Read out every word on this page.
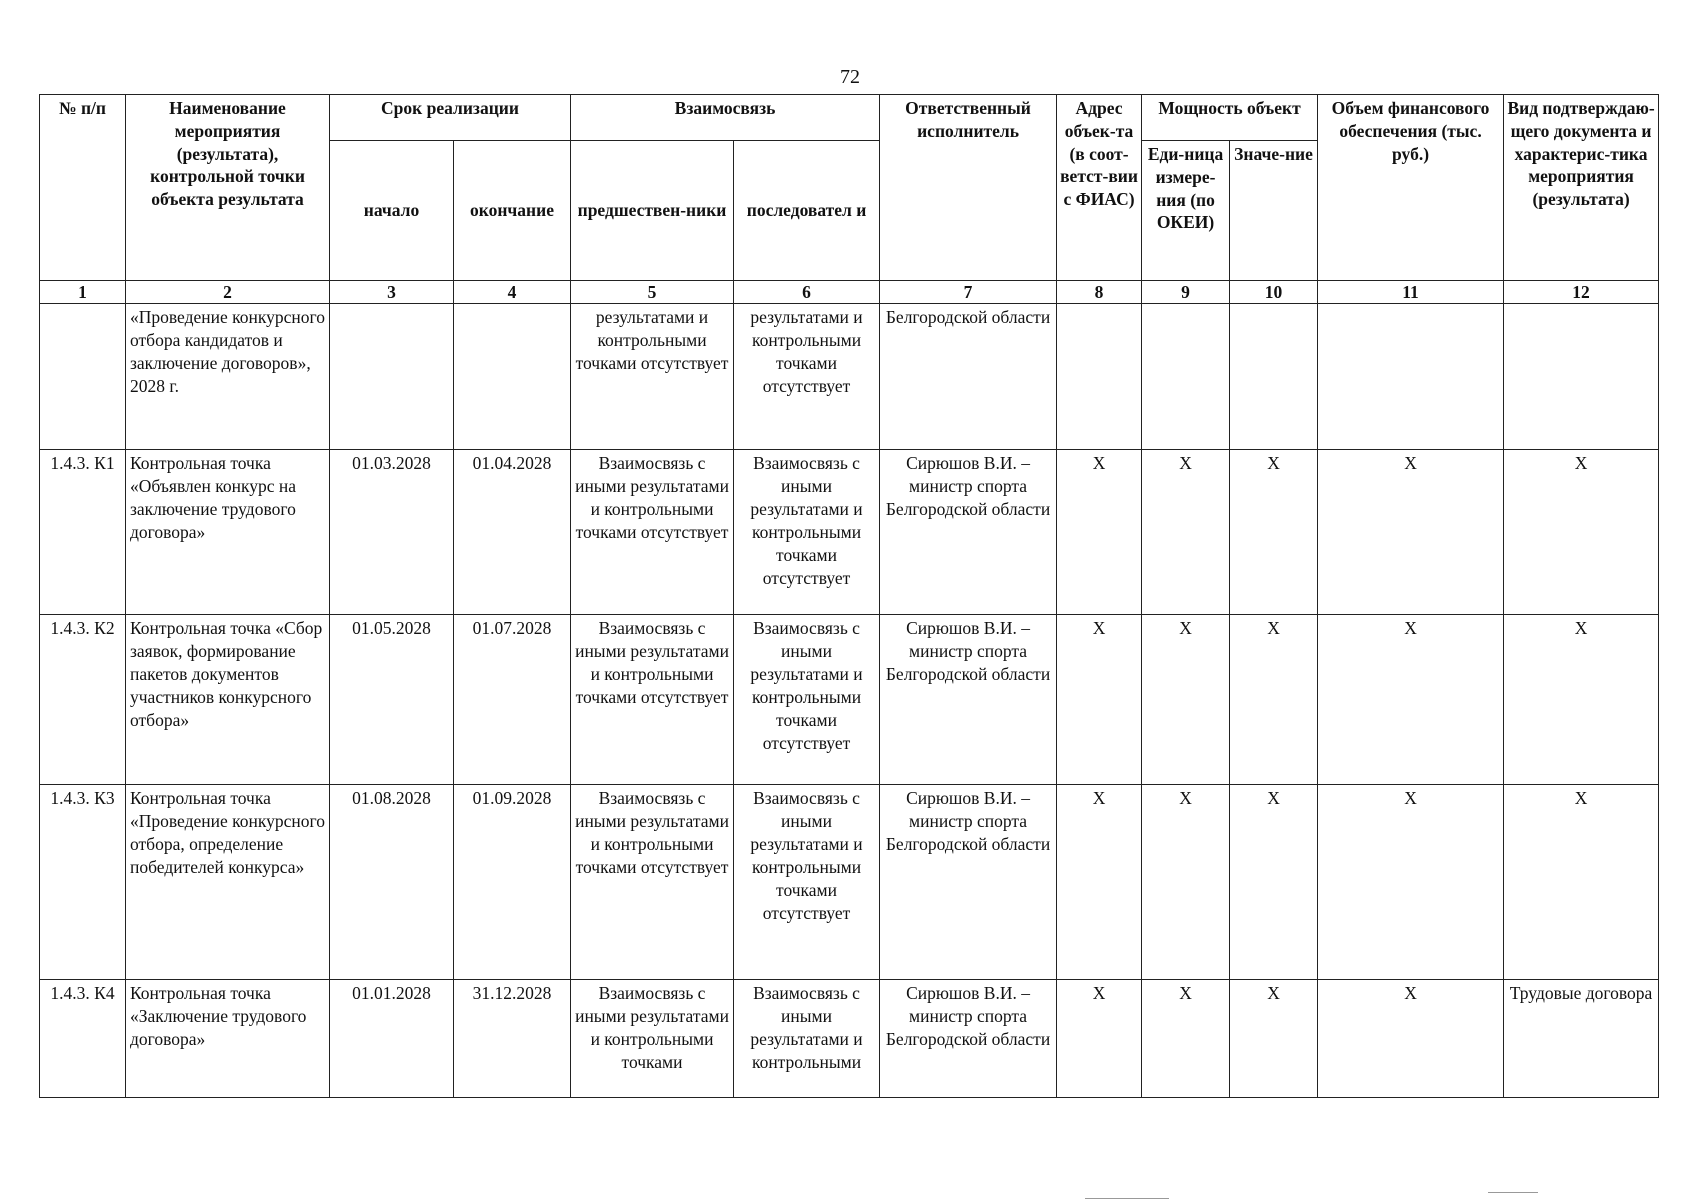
72
№ п/п	Наименование мероприятия (результата), контрольной точки объекта результата	Срок реализации		Взаимосвязь		Ответственный исполнитель	Адрес объек-та (в соот-ветст-вии с ФИАС)	Мощность объект		Объем финансового обеспечения (тыс. руб.)	Вид подтверждаю-щего документа и характерис-тика мероприятия (результата)
		начало	окончание	предшествен-ники	последовател и			Еди-ница измере-ния (по ОКЕИ)	Значе-ние		
1	2	3	4	5	6	7	8	9	10	11	12
	«Проведение конкурсного отбора кандидатов и заключение договоров», 2028 г.			результатами и контрольными точками отсутствует	результатами и контрольными точками отсутствует	Белгородской области					
1.4.3. К1	Контрольная точка «Объявлен конкурс на заключение трудового договора»	01.03.2028	01.04.2028	Взаимосвязь с иными результатами и контрольными точками отсутствует	Взаимосвязь с иными результатами и контрольными точками отсутствует	Сирюшов В.И. – министр спорта Белгородской области	Х	Х	Х	Х	Х
1.4.3. К2	Контрольная точка «Сбор заявок, формирование пакетов документов участников конкурсного отбора»	01.05.2028	01.07.2028	Взаимосвязь с иными результатами и контрольными точками отсутствует	Взаимосвязь с иными результатами и контрольными точками отсутствует	Сирюшов В.И. – министр спорта Белгородской области	Х	Х	Х	Х	Х
1.4.3. К3	Контрольная точка «Проведение конкурсного отбора, определение победителей конкурса»	01.08.2028	01.09.2028	Взаимосвязь с иными результатами и контрольными точками отсутствует	Взаимосвязь с иными результатами и контрольными точками отсутствует	Сирюшов В.И. – министр спорта Белгородской области	Х	Х	Х	Х	Х
1.4.3. К4	Контрольная точка «Заключение трудового договора»	01.01.2028	31.12.2028	Взаимосвязь с иными результатами и контрольными точками	Взаимосвязь с иными результатами и контрольными	Сирюшов В.И. – министр спорта Белгородской области	Х	Х	Х	Х	Трудовые договора
